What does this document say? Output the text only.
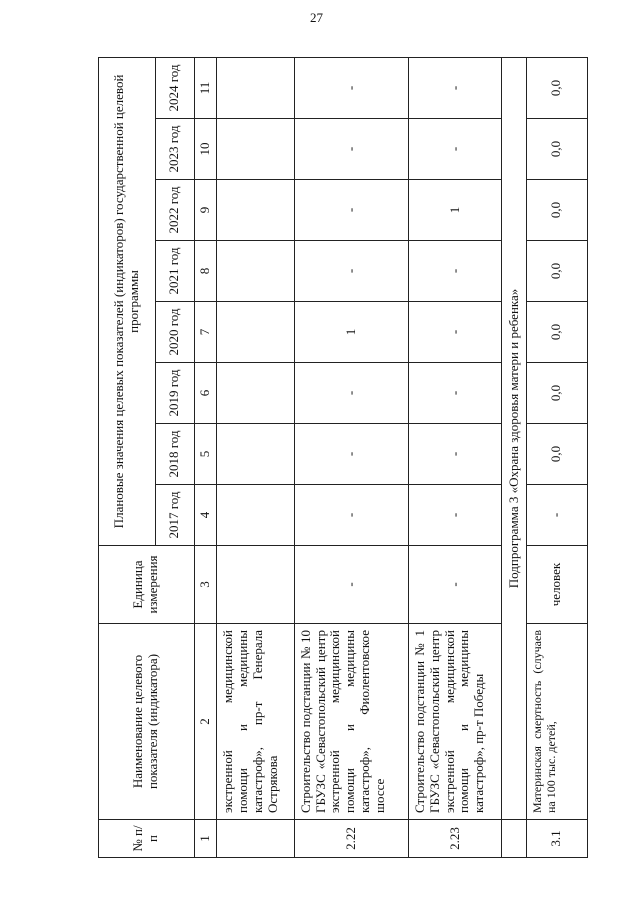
27
№ п/п	Наименование целевого показателя (индикатора)	Единица измерения	Плановые значения целевых показателей (индикаторов) государственной целевой программы							
			2017 год	2018 год	2019 год	2020 год	2021 год	2022 год	2023 год	2024 год
1	2	3	4	5	6	7	8	9	10	11
	экстренной медицинской помощи и медицины катастроф», пр-т Генерала Острякова									
2.22	Строительство подстанции № 10 ГБУЗС «Севастопольский центр экстренной медицинской помощи и медицины катастроф», Фиолентовское шоссе	-	-	-	-	1	-	-	-	-
2.23	Строительство подстанции № 1 ГБУЗС «Севастопольский центр экстренной медицинской помощи и медицины катастроф», пр-т Победы	-	-	-	-	-	-	1	-	-
	Подпрограмма 3 «Охрана здоровья матери и ребенка»									
3.1	Материнская смертность (случаев на 100 тыс. детей,	человек	-	0,0	0,0	0,0	0,0	0,0	0,0	0,0
